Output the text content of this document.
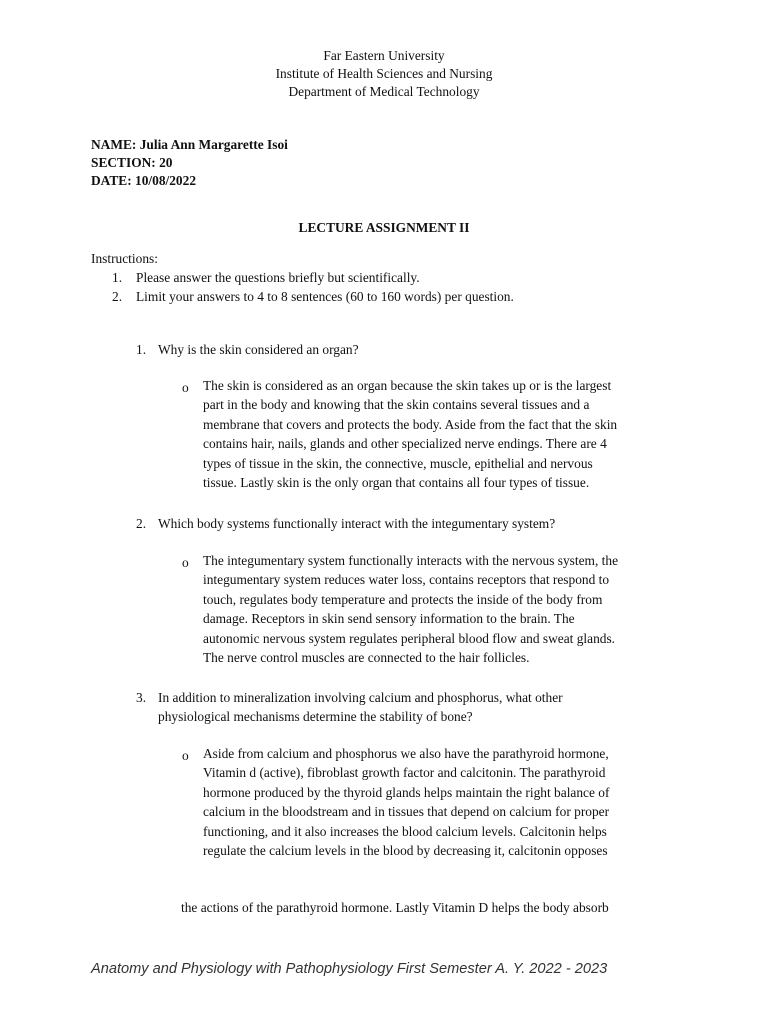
Far Eastern University
Institute of Health Sciences and Nursing
Department of Medical Technology
NAME: Julia Ann Margarette Isoi
SECTION: 20
DATE: 10/08/2022
LECTURE ASSIGNMENT II
Instructions:
1. Please answer the questions briefly but scientifically.
2. Limit your answers to 4 to 8 sentences (60 to 160 words) per question.
1. Why is the skin considered an organ?
o	The skin is considered as an organ because the skin takes up or is the largest
part in the body and knowing that the skin contains several tissues and a
membrane that covers and protects the body. Aside from the fact that the skin
contains hair, nails, glands and other specialized nerve endings. There are 4
types of tissue in the skin, the connective, muscle, epithelial and nervous
tissue. Lastly skin is the only organ that contains all four types of tissue.
2. Which body systems functionally interact with the integumentary system?
o	The integumentary system functionally interacts with the nervous system, the
integumentary system reduces water loss, contains receptors that respond to
touch, regulates body temperature and protects the inside of the body from
damage. Receptors in skin send sensory information to the brain. The
autonomic nervous system regulates peripheral blood flow and sweat glands.
The nerve control muscles are connected to the hair follicles.
3. In addition to mineralization involving calcium and phosphorus, what other
physiological mechanisms determine the stability of bone?
o	Aside from calcium and phosphorus we also have the parathyroid hormone,
Vitamin d (active), fibroblast growth factor and calcitonin. The parathyroid
hormone produced by the thyroid glands helps maintain the right balance of
calcium in the bloodstream and in tissues that depend on calcium for proper
functioning, and it also increases the blood calcium levels. Calcitonin helps
regulate the calcium levels in the blood by decreasing it, calcitonin opposes
the actions of the parathyroid hormone. Lastly Vitamin D helps the body absorb
Anatomy and Physiology with Pathophysiology First Semester A. Y. 2022 - 2023
